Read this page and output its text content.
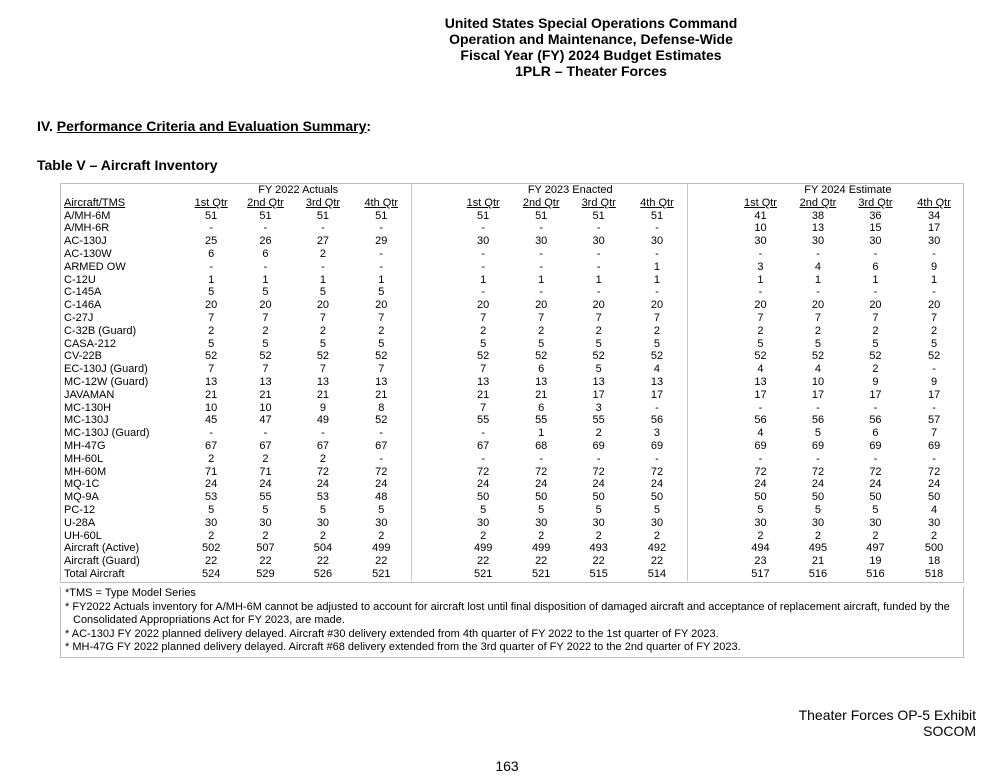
United States Special Operations Command
Operation and Maintenance, Defense-Wide
Fiscal Year (FY) 2024 Budget Estimates
1PLR – Theater Forces
IV. Performance Criteria and Evaluation Summary:
Table V – Aircraft Inventory
	FY 2022 Actuals					FY 2023 Enacted					FY 2024 Estimate			
Aircraft/TMS	1st Qtr	2nd Qtr	3rd Qtr	4th Qtr		1st Qtr	2nd Qtr	3rd Qtr	4th Qtr		1st Qtr	2nd Qtr	3rd Qtr	4th Qtr
A/MH-6M	51	51	51	51		51	51	51	51		41	38	36	34
A/MH-6R	-	-	-	-		-	-	-	-		10	13	15	17
AC-130J	25	26	27	29		30	30	30	30		30	30	30	30
AC-130W	6	6	2	-		-	-	-	-		-	-	-	-
ARMED OW	-	-	-	-		-	-	-	1		3	4	6	9
C-12U	1	1	1	1		1	1	1	1		1	1	1	1
C-145A	5	5	5	5		-	-	-	-		-	-	-	-
C-146A	20	20	20	20		20	20	20	20		20	20	20	20
C-27J	7	7	7	7		7	7	7	7		7	7	7	7
C-32B (Guard)	2	2	2	2		2	2	2	2		2	2	2	2
CASA-212	5	5	5	5		5	5	5	5		5	5	5	5
CV-22B	52	52	52	52		52	52	52	52		52	52	52	52
EC-130J (Guard)	7	7	7	7		7	6	5	4		4	4	2	-
MC-12W (Guard)	13	13	13	13		13	13	13	13		13	10	9	9
JAVAMAN	21	21	21	21		21	21	17	17		17	17	17	17
MC-130H	10	10	9	8		7	6	3	-		-	-	-	-
MC-130J	45	47	49	52		55	55	55	56		56	56	56	57
MC-130J (Guard)	-	-	-	-		-	1	2	3		4	5	6	7
MH-47G	67	67	67	67		67	68	69	69		69	69	69	69
MH-60L	2	2	2	-		-	-	-	-		-	-	-	-
MH-60M	71	71	72	72		72	72	72	72		72	72	72	72
MQ-1C	24	24	24	24		24	24	24	24		24	24	24	24
MQ-9A	53	55	53	48		50	50	50	50		50	50	50	50
PC-12	5	5	5	5		5	5	5	5		5	5	5	4
U-28A	30	30	30	30		30	30	30	30		30	30	30	30
UH-60L	2	2	2	2		2	2	2	2		2	2	2	2
Aircraft (Active)	502	507	504	499		499	499	493	492		494	495	497	500
Aircraft (Guard)	22	22	22	22		22	22	22	22		23	21	19	18
Total Aircraft	524	529	526	521		521	521	515	514		517	516	516	518
*TMS = Type Model Series
* FY2022 Actuals inventory for A/MH-6M cannot be adjusted to account for aircraft lost until final disposition of damaged aircraft and acceptance of replacement aircraft, funded by the Consolidated Appropriations Act for FY 2023, are made.
* AC-130J FY 2022 planned delivery delayed. Aircraft #30 delivery extended from 4th quarter of FY 2022 to the 1st quarter of FY 2023.
* MH-47G FY 2022 planned delivery delayed. Aircraft #68 delivery extended from the 3rd quarter of FY 2022 to the 2nd quarter of FY 2023.
Theater Forces OP-5 Exhibit
SOCOM
163
